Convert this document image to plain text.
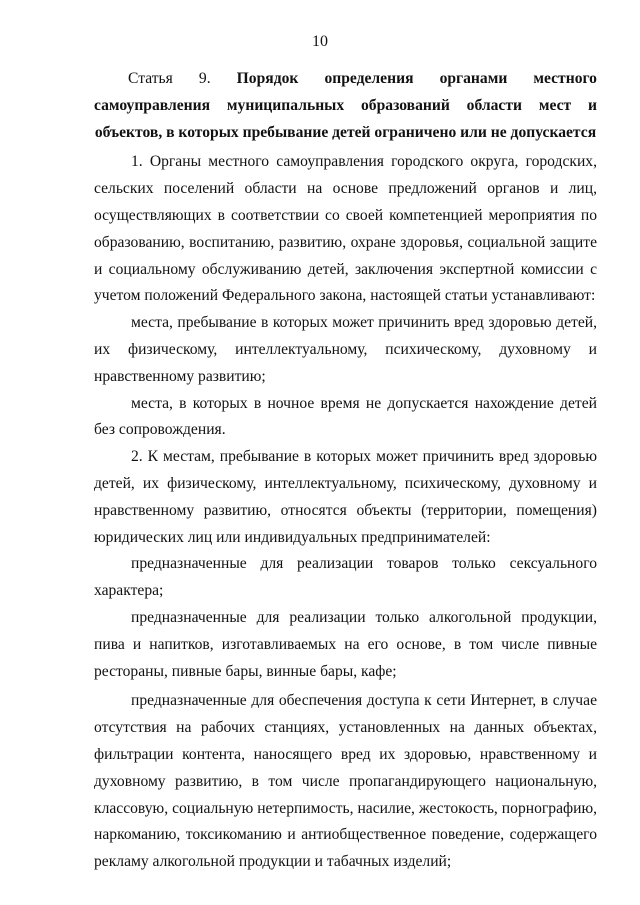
10

Статья 9. Порядок определения органами местного самоуправления муниципальных образований области мест и объектов, в которых пребывание детей ограничено или не допускается

1. Органы местного самоуправления городского округа, городских, сельских поселений области на основе предложений органов и лиц, осуществляющих в соответствии со своей компетенцией мероприятия по образованию, воспитанию, развитию, охране здоровья, социальной защите и социальному обслуживанию детей, заключения экспертной комиссии с учетом положений Федерального закона, настоящей статьи устанавливают:

места, пребывание в которых может причинить вред здоровью детей, их физическому, интеллектуальному, психическому, духовному и нравственному развитию;

места, в которых в ночное время не допускается нахождение детей без сопровождения.

2. К местам, пребывание в которых может причинить вред здоровью детей, их физическому, интеллектуальному, психическому, духовному и нравственному развитию, относятся объекты (территории, помещения) юридических лиц или индивидуальных предпринимателей:

предназначенные для реализации товаров только сексуального характера;

предназначенные для реализации только алкогольной продукции, пива и напитков, изготавливаемых на его основе, в том числе пивные рестораны, пивные бары, винные бары, кафе;

предназначенные для обеспечения доступа к сети Интернет, в случае отсутствия на рабочих станциях, установленных на данных объектах, фильтрации контента, наносящего вред их здоровью, нравственному и духовному развитию, в том числе пропагандирующего национальную, классовую, социальную нетерпимость, насилие, жестокость, порнографию, наркоманию, токсикоманию и антиобщественное поведение, содержащего рекламу алкогольной продукции и табачных изделий;
